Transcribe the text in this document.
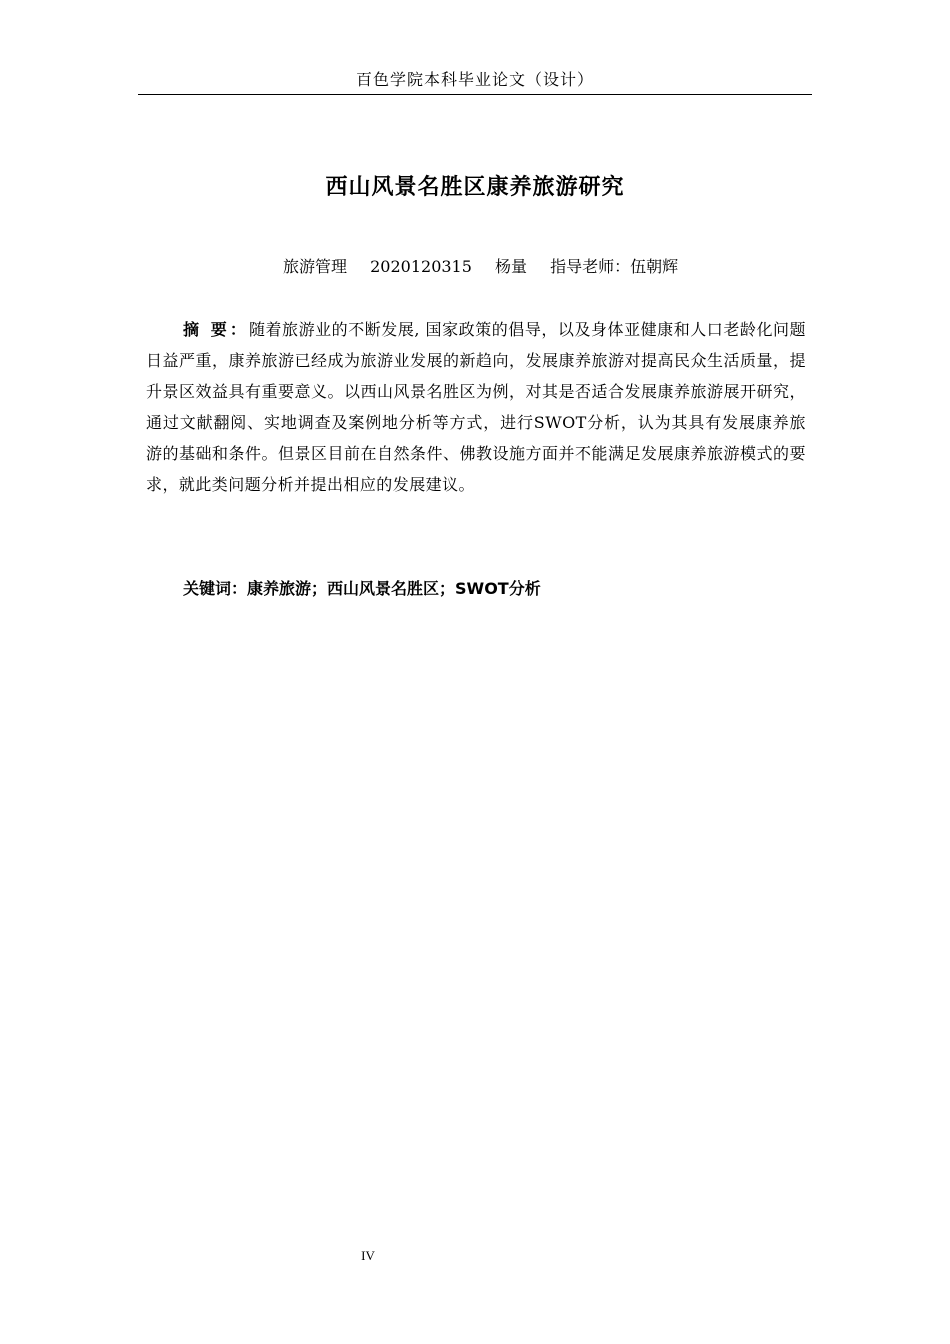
百色学院本科毕业论文（设计）
西山风景名胜区康养旅游研究
旅游管理 2020120315 杨量 指导老师：伍朝辉
摘 要：随着旅游业的不断发展, 国家政策的倡导，以及身体亚健康和人口老龄化问题日益严重，康养旅游已经成为旅游业发展的新趋向，发展康养旅游对提高民众生活质量，提升景区效益具有重要意义。以西山风景名胜区为例，对其是否适合发展康养旅游展开研究，通过文献翻阅、实地调查及案例地分析等方式，进行SWOT分析，认为其具有发展康养旅游的基础和条件。但景区目前在自然条件、佛教设施方面并不能满足发展康养旅游模式的要求，就此类问题分析并提出相应的发展建议。
关键词：康养旅游；西山风景名胜区；SWOT分析
IV
